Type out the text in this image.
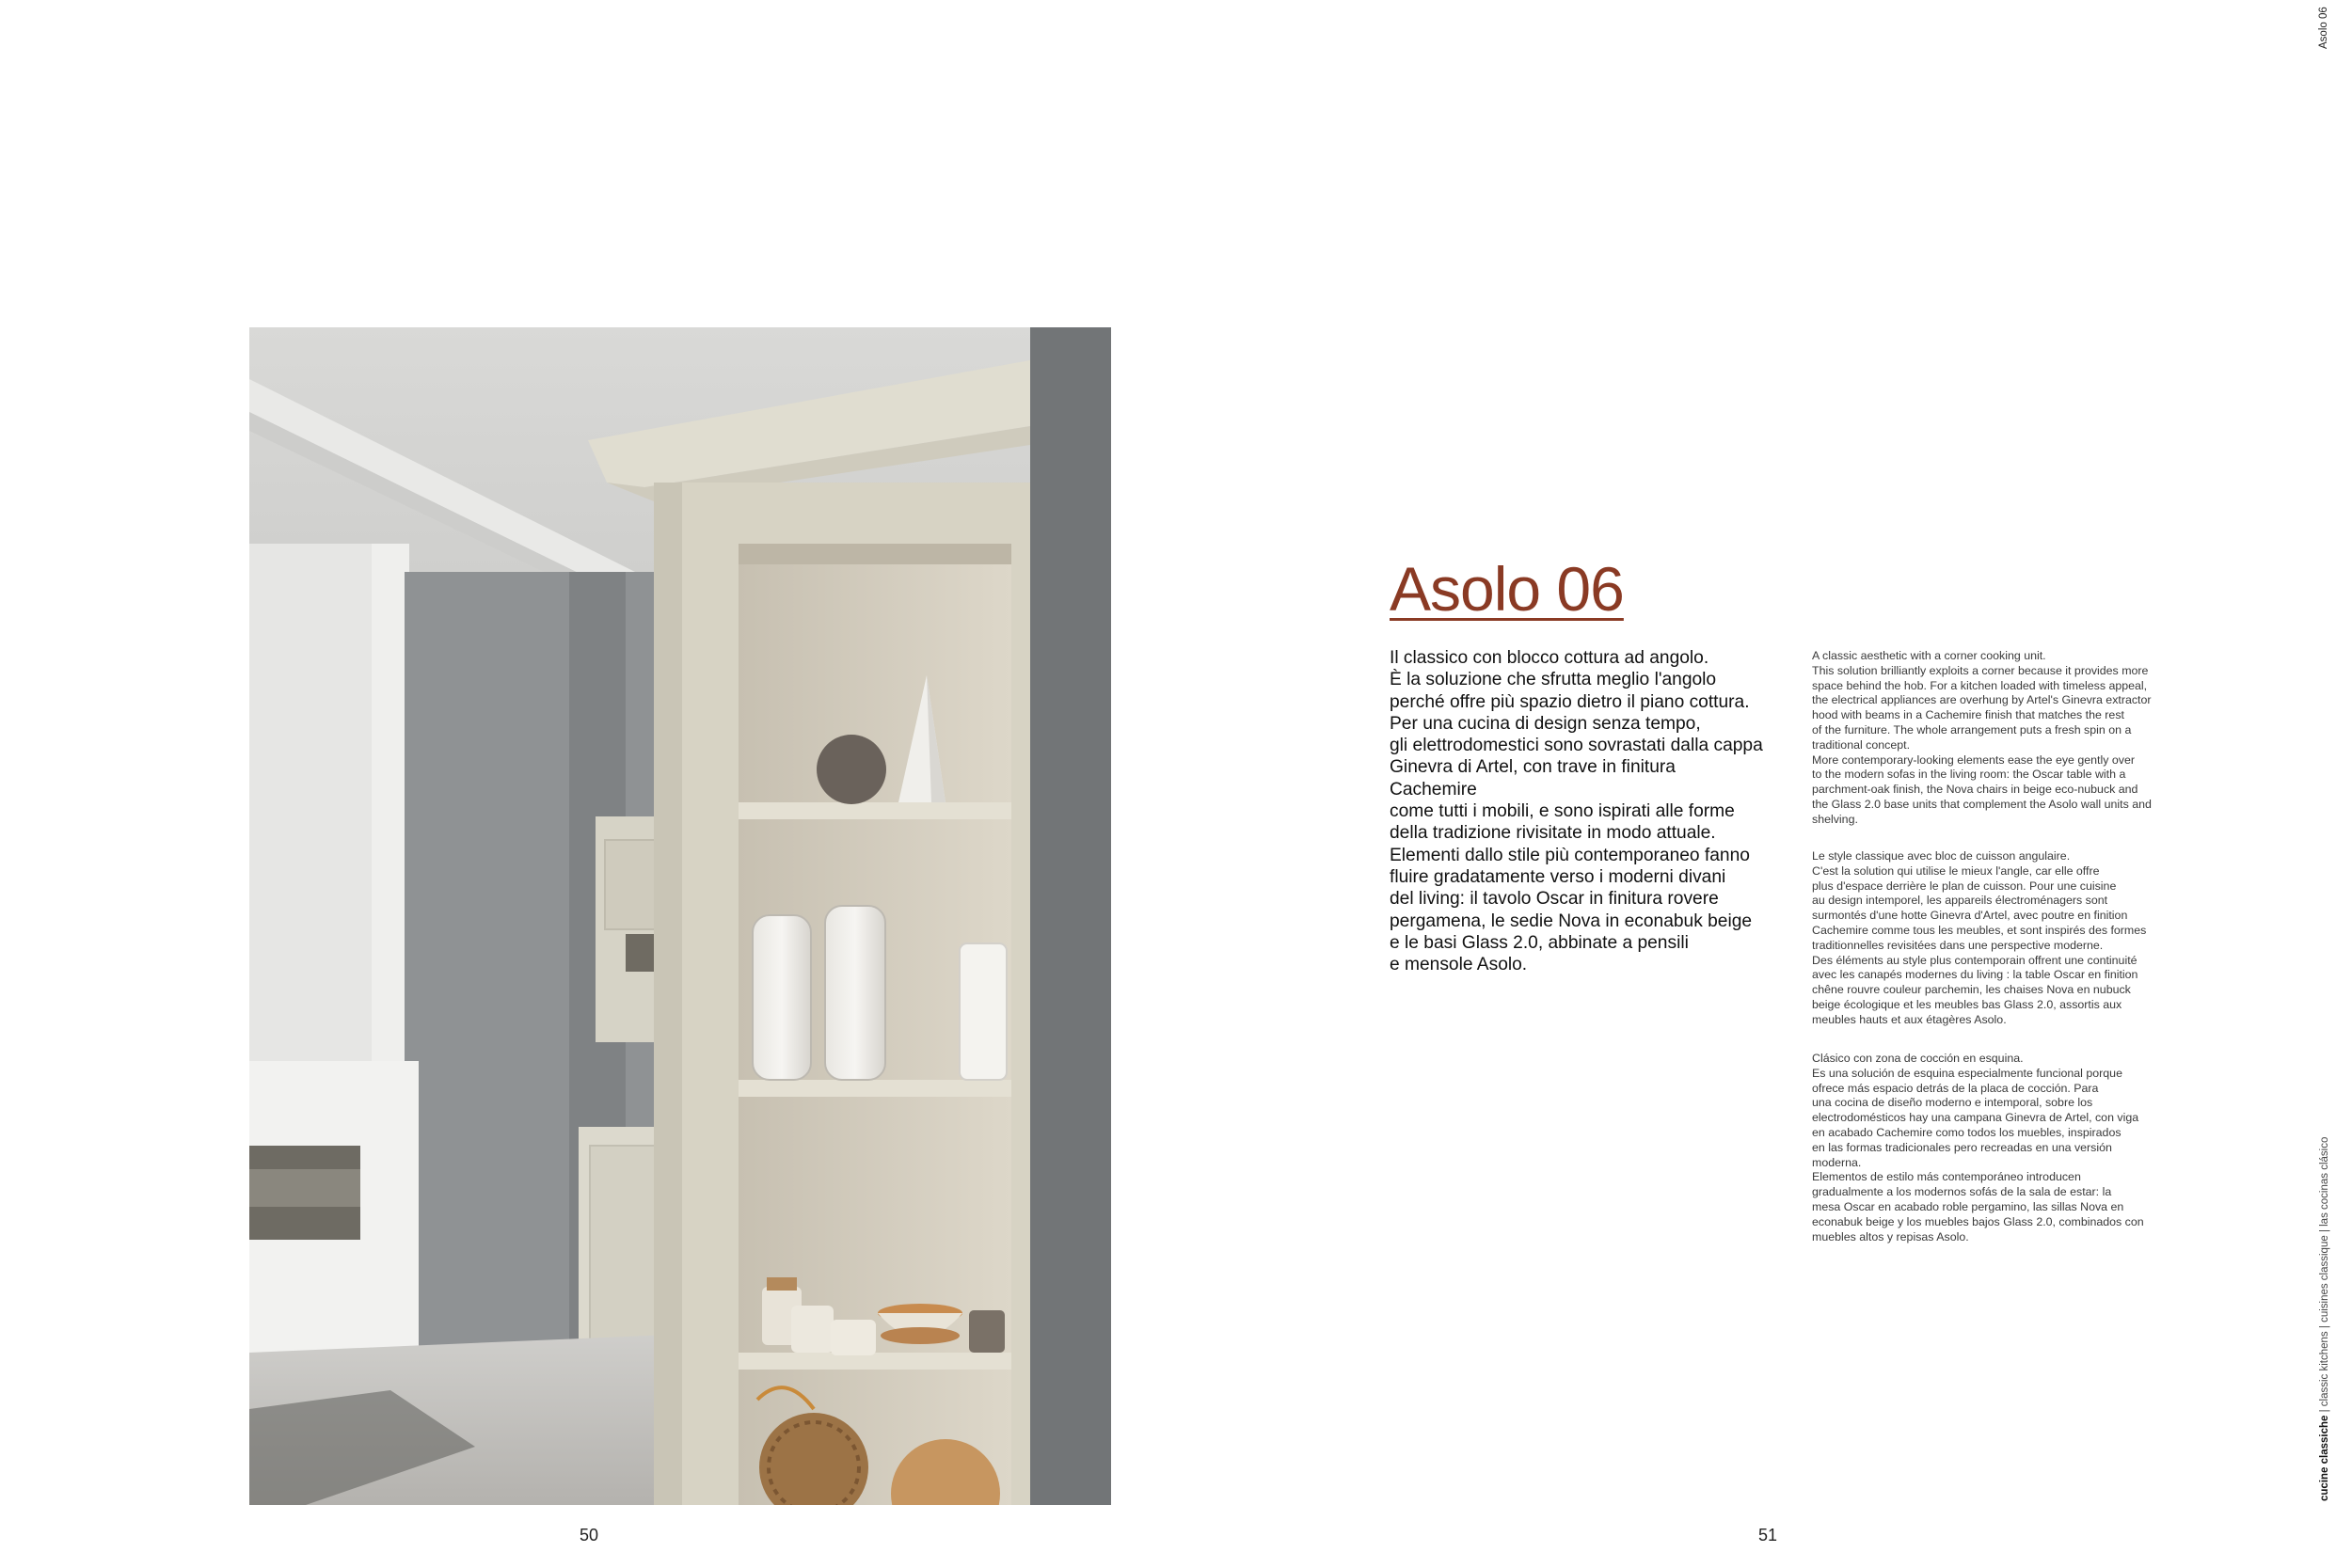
Asolo 06

Il classico con blocco cottura ad angolo.
È la soluzione che sfrutta meglio l'angolo
perché offre più spazio dietro il piano cottura.
Per una cucina di design senza tempo,
gli elettrodomestici sono sovrastati dalla cappa
Ginevra di Artel, con trave in finitura Cachemire
come tutti i mobili, e sono ispirati alle forme
della tradizione rivisitate in modo attuale.
Elementi dallo stile più contemporaneo fanno
fluire gradatamente verso i moderni divani
del living: il tavolo Oscar in finitura rovere
pergamena, le sedie Nova in econabuk beige
e le basi Glass 2.0, abbinate a pensili
e mensole Asolo.

A classic aesthetic with a corner cooking unit.
This solution brilliantly exploits a corner because it provides more
space behind the hob. For a kitchen loaded with timeless appeal,
the electrical appliances are overhung by Artel's Ginevra extractor
hood with beams in a Cachemire finish that matches the rest
of the furniture. The whole arrangement puts a fresh spin on a
traditional concept.
More contemporary-looking elements ease the eye gently over
to the modern sofas in the living room: the Oscar table with a
parchment-oak finish, the Nova chairs in beige eco-nubuck and
the Glass 2.0 base units that complement the Asolo wall units and
shelving.

Le style classique avec bloc de cuisson angulaire.
C'est la solution qui utilise le mieux l'angle, car elle offre
plus d'espace derrière le plan de cuisson. Pour une cuisine
au design intemporel, les appareils électroménagers sont
surmontés d'une hotte Ginevra d'Artel, avec poutre en finition
Cachemire comme tous les meubles, et sont inspirés des formes
traditionnelles revisitées dans une perspective moderne.
Des éléments au style plus contemporain offrent une continuité
avec les canapés modernes du living : la table Oscar en finition
chêne rouvre couleur parchemin, les chaises Nova en nubuck
beige écologique et les meubles bas Glass 2.0, assortis aux
meubles hauts et aux étagères Asolo.

Clásico con zona de cocción en esquina.
Es una solución de esquina especialmente funcional porque
ofrece más espacio detrás de la placa de cocción. Para
una cocina de diseño moderno e intemporal, sobre los
electrodomésticos hay una campana Ginevra de Artel, con viga
en acabado Cachemire como todos los muebles, inspirados
en las formas tradicionales pero recreadas en una versión
moderna.
Elementos de estilo más contemporáneo introducen
gradualmente a los modernos sofás de la sala de estar: la
mesa Oscar en acabado roble pergamino, las sillas Nova en
econabuk beige y los muebles bajos Glass 2.0, combinados con
muebles altos y repisas Asolo.

50	51
Asolo 06
cucine classiche | classic kitchens | cuisines classique | las cocinas clásico
